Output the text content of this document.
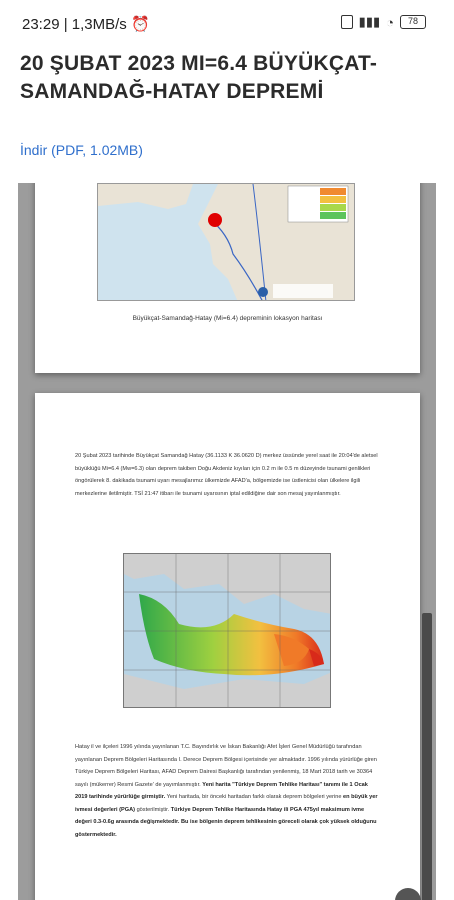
23:29 | 1,3MB/s ⏰	▮▮▮ ◔	78
20 ŞUBAT 2023 MI=6.4 BÜYÜKÇAT-SAMANDAĞ-HATAY DEPREMİ
İndir (PDF, 1.02MB)
Büyükçat-Samandağ-Hatay (Mi=6.4) depreminin lokasyon haritası

20 Şubat 2023 tarihinde Büyükçat Samandağ Hatay (36.1133 K 36.0620 D) merkez üssünde yerel saat ile 20:04'de aletsel büyüklüğü Mi=6.4 (Mw=6.3) olan deprem takiben Doğu Akdeniz kıyıları için 0.2 m ile 0.5 m düzeyinde tsunami genlikleri öngörülerek 8. dakikada tsunami uyarı mesajlarımız ülkemizde AFAD'a, bölgemizde ise üstlenicisi olan ülkelere ilgili merkezlerine iletilmiştir. TSİ 21:47 itibarı ile tsunami uyarısının iptal edildiğine dair son mesaj yayınlanmıştır.

Hatay il ve ilçeleri 1996 yılında yayınlanan T.C. Bayındırlık ve İskan Bakanlığı Afet İşleri Genel Müdürlüğü tarafından yayınlanan Deprem Bölgeleri Haritasında I. Derece Deprem Bölgesi içerisinde yer almaktadır. 1996 yılında yürürlüğe giren Türkiye Deprem Bölgeleri Haritası, AFAD Deprem Dairesi Başkanlığı tarafından yenilenmiş, 18 Mart 2018 tarih ve 30364 sayılı (mükerrer) Resmi Gazete' de yayımlanmıştır. Yeni harita "Türkiye Deprem Tehlike Haritası" tanımı ile 1 Ocak 2019 tarihinde yürürlüğe girmiştir. Yeni haritada, bir önceki haritadan farklı olarak deprem bölgeleri yerine en büyük yer ivmesi değerleri (PGA) gösterilmiştir. Türkiye Deprem Tehlike Haritasında Hatay ili PGA 475yıl maksimum ivme değeri 0.3-0.6g arasında değişmektedir. Bu ise bölgenin deprem tehlikesinin göreceli olarak çok yüksek olduğunu göstermektedir.
